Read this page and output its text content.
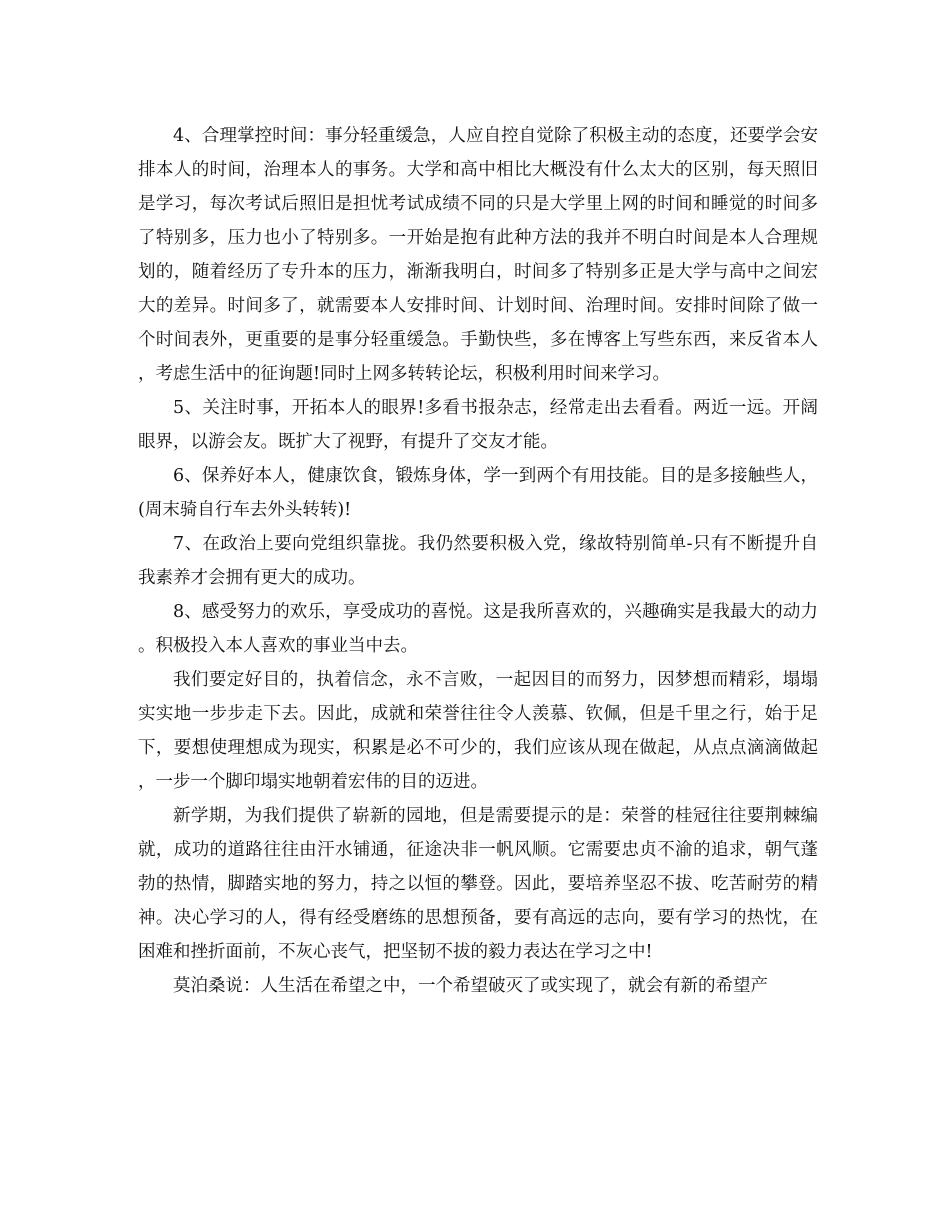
4、合理掌控时间：事分轻重缓急，人应自控自觉除了积极主动的态度，还要学会安排本人的时间，治理本人的事务。大学和高中相比大概没有什么太大的区别，每天照旧是学习，每次考试后照旧是担忧考试成绩不同的只是大学里上网的时间和睡觉的时间多了特别多，压力也小了特别多。一开始是抱有此种方法的我并不明白时间是本人合理规划的，随着经历了专升本的压力，渐渐我明白，时间多了特别多正是大学与高中之间宏大的差异。时间多了，就需要本人安排时间、计划时间、治理时间。安排时间除了做一个时间表外，更重要的是事分轻重缓急。手勤快些，多在博客上写些东西，来反省本人，考虑生活中的征询题!同时上网多转转论坛，积极利用时间来学习。

5、关注时事，开拓本人的眼界!多看书报杂志，经常走出去看看。两近一远。开阔眼界，以游会友。既扩大了视野，有提升了交友才能。

6、保养好本人，健康饮食，锻炼身体，学一到两个有用技能。目的是多接触些人，(周末骑自行车去外头转转)!

7、在政治上要向党组织靠拢。我仍然要积极入党，缘故特别简单-只有不断提升自我素养才会拥有更大的成功。

8、感受努力的欢乐，享受成功的喜悦。这是我所喜欢的，兴趣确实是我最大的动力。积极投入本人喜欢的事业当中去。

我们要定好目的，执着信念，永不言败，一起因目的而努力，因梦想而精彩，塌塌实实地一步步走下去。因此，成就和荣誉往往令人羡慕、钦佩，但是千里之行，始于足下，要想使理想成为现实，积累是必不可少的，我们应该从现在做起，从点点滴滴做起，一步一个脚印塌实地朝着宏伟的目的迈进。

新学期，为我们提供了崭新的园地，但是需要提示的是：荣誉的桂冠往往要荆棘编就，成功的道路往往由汗水铺通，征途决非一帆风顺。它需要忠贞不渝的追求，朝气蓬勃的热情，脚踏实地的努力，持之以恒的攀登。因此，要培养坚忍不拔、吃苦耐劳的精神。决心学习的人，得有经受磨练的思想预备，要有高远的志向，要有学习的热忱，在困难和挫折面前，不灰心丧气，把坚韧不拔的毅力表达在学习之中!

莫泊桑说：人生活在希望之中，一个希望破灭了或实现了，就会有新的希望产
